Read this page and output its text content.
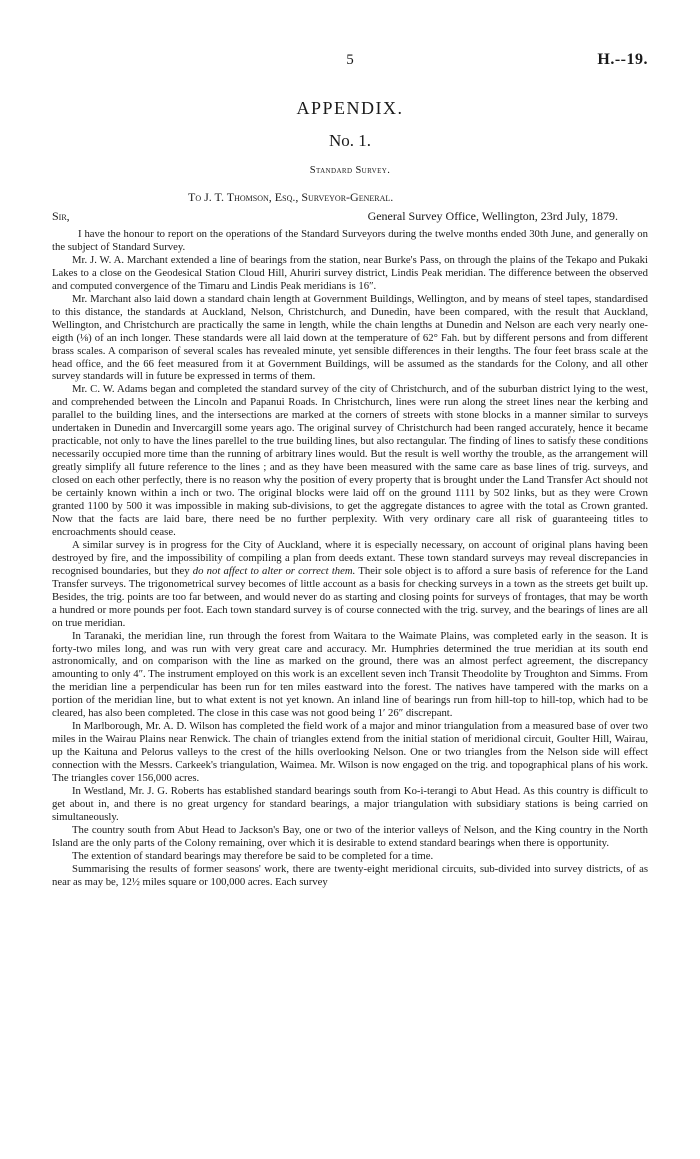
5	H.--19.
APPENDIX.
No. 1.
Standard Survey.
To J. T. Thomson, Esq., Surveyor-General.
Sir,	General Survey Office, Wellington, 23rd July, 1879.

I have the honour to report on the operations of the Standard Surveyors during the twelve months ended 30th June, and generally on the subject of Standard Survey.

Mr. J. W. A. Marchant extended a line of bearings from the station, near Burke's Pass, on through the plains of the Tekapo and Pukaki Lakes to a close on the Geodesical Station Cloud Hill, Ahuriri survey district, Lindis Peak meridian. The difference between the observed and computed convergence of the Timaru and Lindis Peak meridians is 16″.

Mr. Marchant also laid down a standard chain length at Government Buildings, Wellington, and by means of steel tapes, standardised to this distance, the standards at Auckland, Nelson, Christchurch, and Dunedin, have been compared, with the result that Auckland, Wellington, and Christchurch are practically the same in length, while the chain lengths at Dunedin and Nelson are each very nearly one-eigth (⅛) of an inch longer. These standards were all laid down at the temperature of 62° Fah. but by different persons and from different brass scales. A comparison of several scales has revealed minute, yet sensible differences in their lengths. The four feet brass scale at the head office, and the 66 feet measured from it at Government Buildings, will be assumed as the standards for the Colony, and all other survey standards will in future be expressed in terms of them.

Mr. C. W. Adams began and completed the standard survey of the city of Christchurch, and of the suburban district lying to the west, and comprehended between the Lincoln and Papanui Roads. In Christchurch, lines were run along the street lines near the kerbing and parallel to the building lines, and the intersections are marked at the corners of streets with stone blocks in a manner similar to surveys undertaken in Dunedin and Invercargill some years ago. The original survey of Christchurch had been ranged accurately, hence it became practicable, not only to have the lines parellel to the true building lines, but also rectangular. The finding of lines to satisfy these conditions necessarily occupied more time than the running of arbitrary lines would. But the result is well worthy the trouble, as the arrangement will greatly simplify all future reference to the lines ; and as they have been measured with the same care as base lines of trig. surveys, and closed on each other perfectly, there is no reason why the position of every property that is brought under the Land Transfer Act should not be certainly known within a inch or two. The original blocks were laid off on the ground 1111 by 502 links, but as they were Crown granted 1100 by 500 it was impossible in making sub-divisions, to get the aggregate distances to agree with the total as Crown granted. Now that the facts are laid bare, there need be no further perplexity. With very ordinary care all risk of guaranteeing titles to encroachments should cease.

A similar survey is in progress for the City of Auckland, where it is especially necessary, on account of original plans having been destroyed by fire, and the impossibility of compiling a plan from deeds extant. These town standard surveys may reveal discrepancies in recognised boundaries, but they do not affect to alter or correct them. Their sole object is to afford a sure basis of reference for the Land Transfer surveys. The trigonometrical survey becomes of little account as a basis for checking surveys in a town as the streets get built up. Besides, the trig. points are too far between, and would never do as starting and closing points for surveys of frontages, that may be worth a hundred or more pounds per foot. Each town standard survey is of course connected with the trig. survey, and the bearings of lines are all on true meridian.

In Taranaki, the meridian line, run through the forest from Waitara to the Waimate Plains, was completed early in the season. It is forty-two miles long, and was run with very great care and accuracy. Mr. Humphries determined the true meridian at its south end astronomically, and on comparison with the line as marked on the ground, there was an almost perfect agreement, the discrepancy amounting to only 4″. The instrument employed on this work is an excellent seven inch Transit Theodolite by Troughton and Simms. From the meridian line a perpendicular has been run for ten miles eastward into the forest. The natives have tampered with the marks on a portion of the meridian line, but to what extent is not yet known. An inland line of bearings run from hill-top to hill-top, which had to be cleared, has also been completed. The close in this case was not good being 1′ 26″ discrepant.

In Marlborough, Mr. A. D. Wilson has completed the field work of a major and minor triangulation from a measured base of over two miles in the Wairau Plains near Renwick. The chain of triangles extend from the initial station of meridional circuit, Goulter Hill, Wairau, up the Kaituna and Pelorus valleys to the crest of the hills overlooking Nelson. One or two triangles from the Nelson side will effect connection with the Messrs. Carkeek's triangulation, Waimea. Mr. Wilson is now engaged on the trig. and topographical plans of his work. The triangles cover 156,000 acres.

In Westland, Mr. J. G. Roberts has established standard bearings south from Ko-i-terangi to Abut Head. As this country is difficult to get about in, and there is no great urgency for standard bearings, a major triangulation with subsidiary stations is being carried on simultaneously.

The country south from Abut Head to Jackson's Bay, one or two of the interior valleys of Nelson, and the King country in the North Island are the only parts of the Colony remaining, over which it is desirable to extend standard bearings when there is opportunity.

The extention of standard bearings may therefore be said to be completed for a time.

Summarising the results of former seasons' work, there are twenty-eight meridional circuits, sub-divided into survey districts, of as near as may be, 12½ miles square or 100,000 acres. Each survey
